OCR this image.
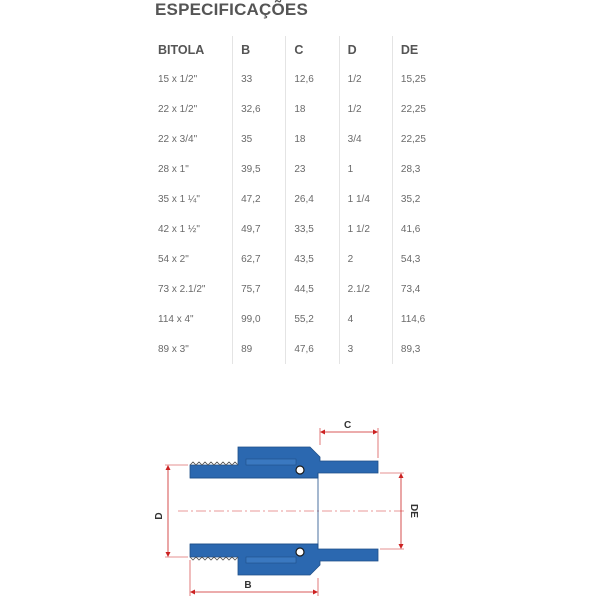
ESPECIFICAÇÕES
BITOLA	B	C	D	DE
15 x 1/2"	33	12,6	1/2	15,25
22 x 1/2"	32,6	18	1/2	22,25
22 x 3/4"	35	18	3/4	22,25
28 x 1"	39,5	23	1	28,3
35 x 1 ¼"	47,2	26,4	1 1/4	35,2
42 x 1 ½"	49,7	33,5	1 1/2	41,6
54 x 2"	62,7	43,5	2	54,3
73 x 2.1/2"	75,7	44,5	2.1/2	73,4
114 x 4"	99,0	55,2	4	114,6
89 x 3"	89	47,6	3	89,3
C
D	DE
B
